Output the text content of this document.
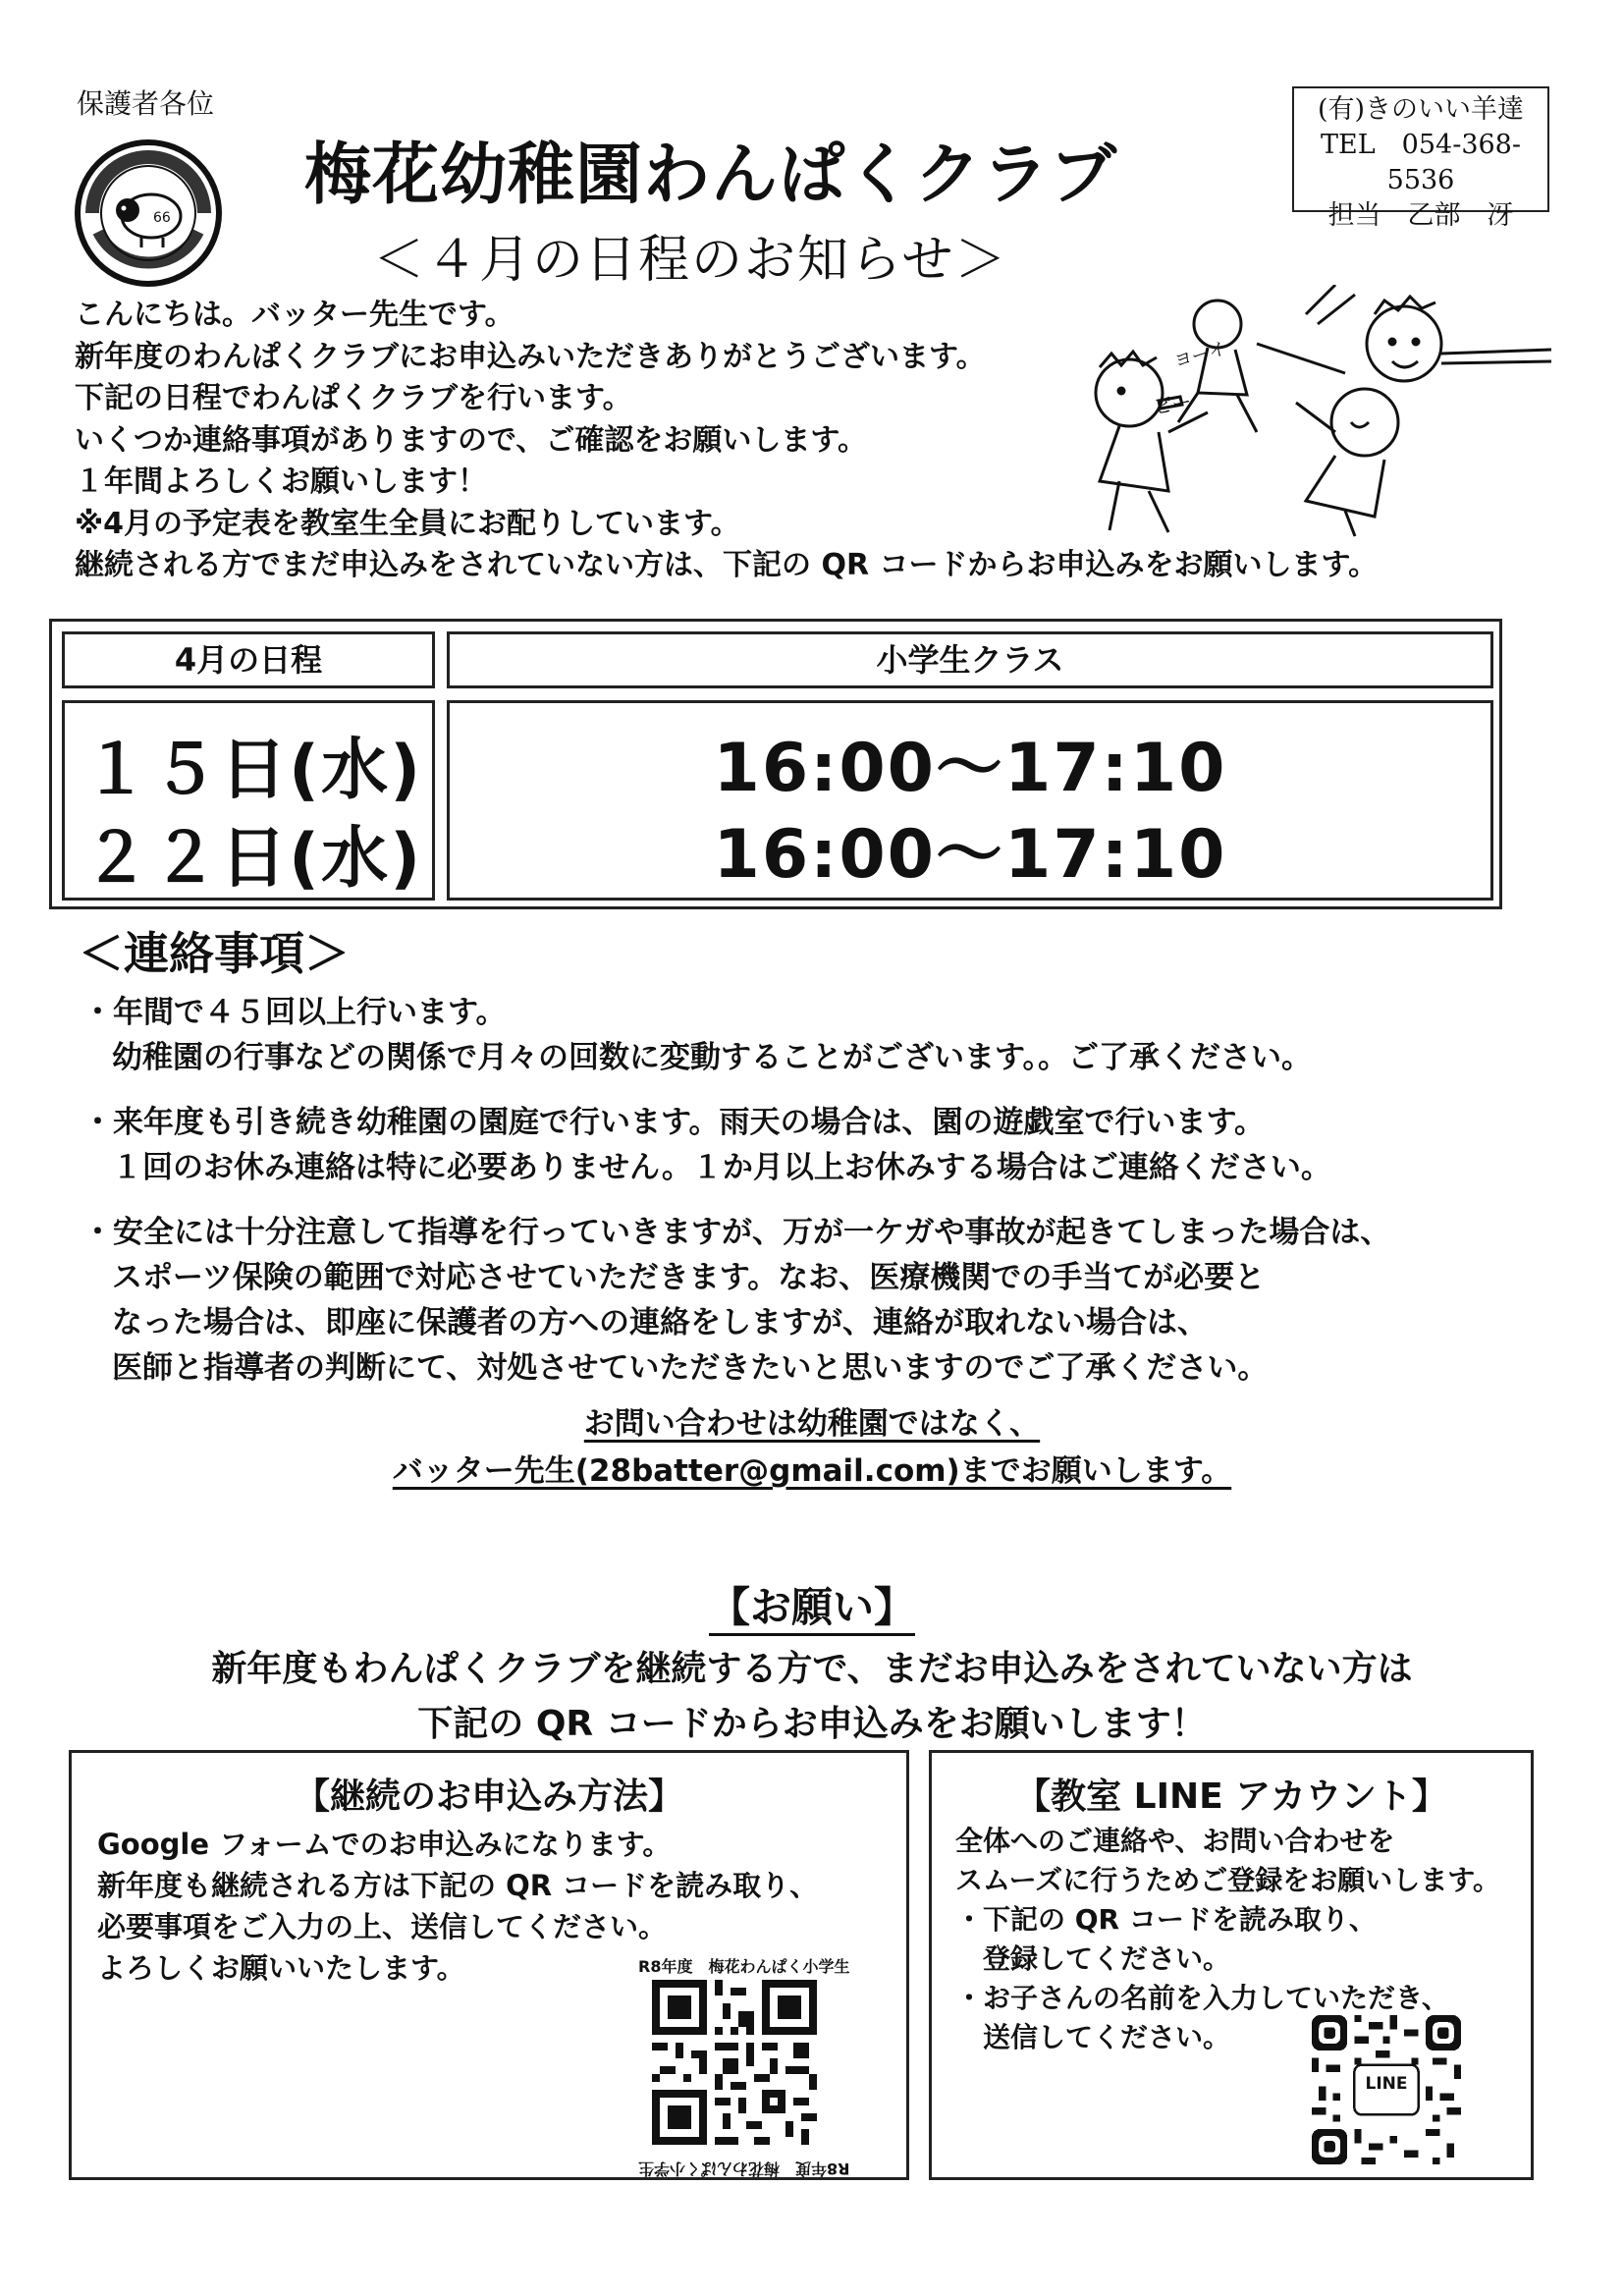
保護者各位
66
(有)きのいい羊達
TEL　054-368-5536
担当　乙部　冴
梅花幼稚園わんぱくクラブ
＜４月の日程のお知らせ＞
こんにちは。バッター先生です。
新年度のわんぱくクラブにお申込みいただきありがとうございます。
下記の日程でわんぱくクラブを行います。
いくつか連絡事項がありますので、ご確認をお願いします。
１年間よろしくお願いします！
※4月の予定表を教室生全員にお配りしています。
継続される方でまだ申込みをされていない方は、下記の QR コードからお申込みをお願いします。
ヨーイ
ピー
4月の日程	小学生クラス
１５日(水)
２２日(水)
16:00～17:10
16:00～17:10
＜連絡事項＞
・年間で４５回以上行います。
幼稚園の行事などの関係で月々の回数に変動することがございます。。ご了承ください。
・来年度も引き続き幼稚園の園庭で行います。雨天の場合は、園の遊戯室で行います。
１回のお休み連絡は特に必要ありません。１か月以上お休みする場合はご連絡ください。
・安全には十分注意して指導を行っていきますが、万が一ケガや事故が起きてしまった場合は、
スポーツ保険の範囲で対応させていただきます。なお、医療機関での手当てが必要と
なった場合は、即座に保護者の方への連絡をしますが、連絡が取れない場合は、
医師と指導者の判断にて、対処させていただきたいと思いますのでご了承ください。
お問い合わせは幼稚園ではなく、
バッター先生(28batter@gmail.com)までお願いします。
【お願い】
新年度もわんぱくクラブを継続する方で、まだお申込みをされていない方は
下記の QR コードからお申込みをお願いします！
【継続のお申込み方法】
Google フォームでのお申込みになります。
新年度も継続される方は下記の QR コードを読み取り、
必要事項をご入力の上、送信してください。
よろしくお願いいたします。	R8年度　梅花わんぱく小学生
R8年度　梅花わんぱく小学生
【教室 LINE アカウント】
全体へのご連絡や、お問い合わせを
スムーズに行うためご登録をお願いします。
・下記の QR コードを読み取り、
　登録してください。
・お子さんの名前を入力していただき、
　送信してください。
LINE
